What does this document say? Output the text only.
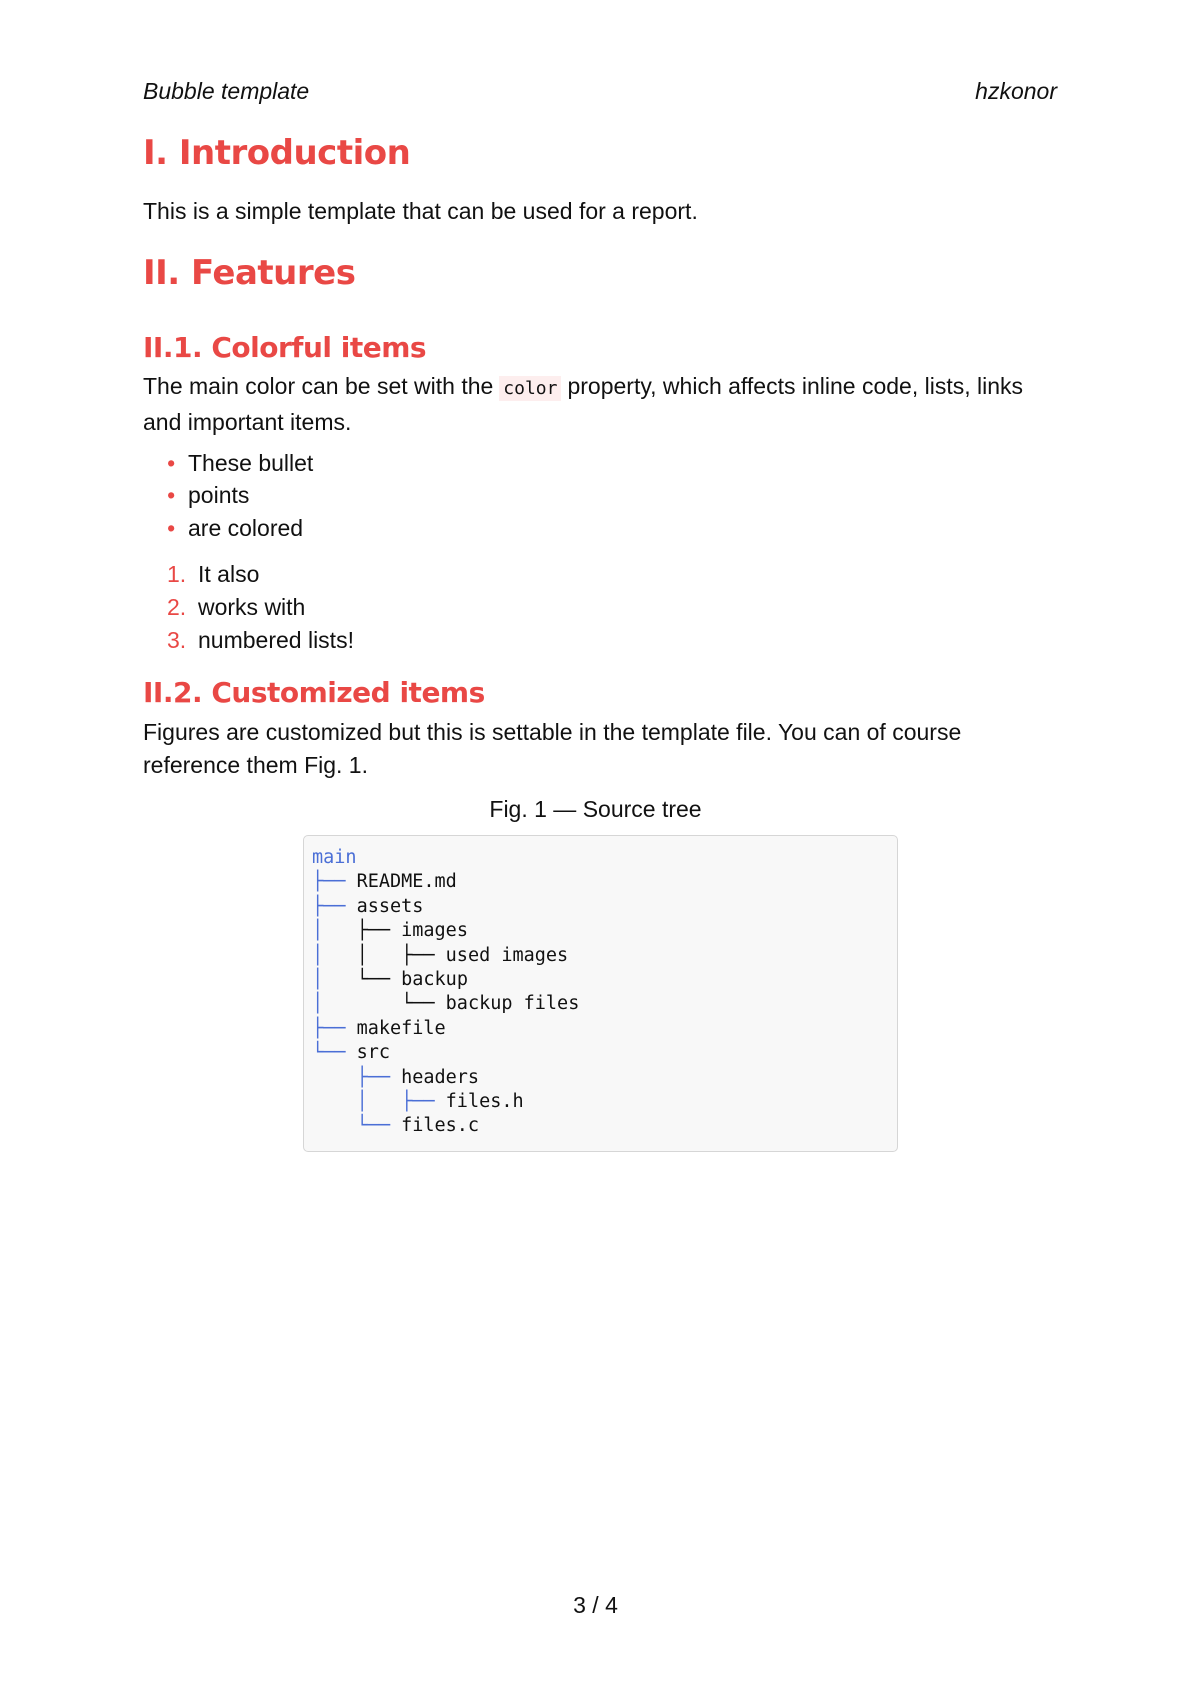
Bubble template	hzkonor
I. Introduction
This is a simple template that can be used for a report.
II. Features
II.1. Colorful items
The main color can be set with the color property, which affects inline code, lists, links and important items.
•  These bullet
•  points
•  are colored
1. It also
2. works with
3. numbered lists!
II.2. Customized items
Figures are customized but this is settable in the template file. You can of course reference them Fig. 1.
Fig. 1 — Source tree
main
├── README.md
├── assets
│   ├── images
│   │   ├── used images
│   └── backup
│       └── backup files
├── makefile
└── src
├── headers
│   ├── files.h
└── files.c
3 / 4
